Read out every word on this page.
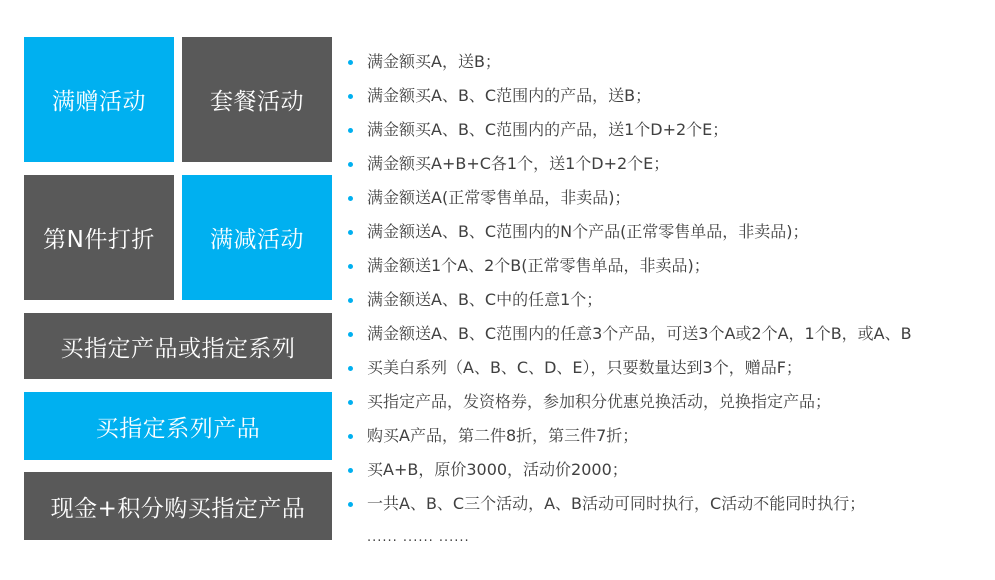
满赠活动	套餐活动
第N件打折 满减活动
买指定产品或指定系列
买指定系列产品
现金+积分购买指定产品
满金额买A，送B；
满金额买A、B、C范围内的产品，送B；
满金额买A、B、C范围内的产品，送1个D+2个E；
满金额买A+B+C各1个，送1个D+2个E；
满金额送A(正常零售单品，非卖品)；
满金额送A、B、C范围内的N个产品(正常零售单品，非卖品)；
满金额送1个A、2个B(正常零售单品，非卖品)；
满金额送A、B、C中的任意1个；
满金额送A、B、C范围内的任意3个产品，可送3个A或2个A，1个B，或A、B
买美白系列（A、B、C、D、E），只要数量达到3个，赠品F；
买指定产品，发资格券，参加积分优惠兑换活动，兑换指定产品；
购买A产品，第二件8折，第三件7折；
买A+B，原价3000，活动价2000；
一共A、B、C三个活动，A、B活动可同时执行，C活动不能同时执行；
...... ...... ......
